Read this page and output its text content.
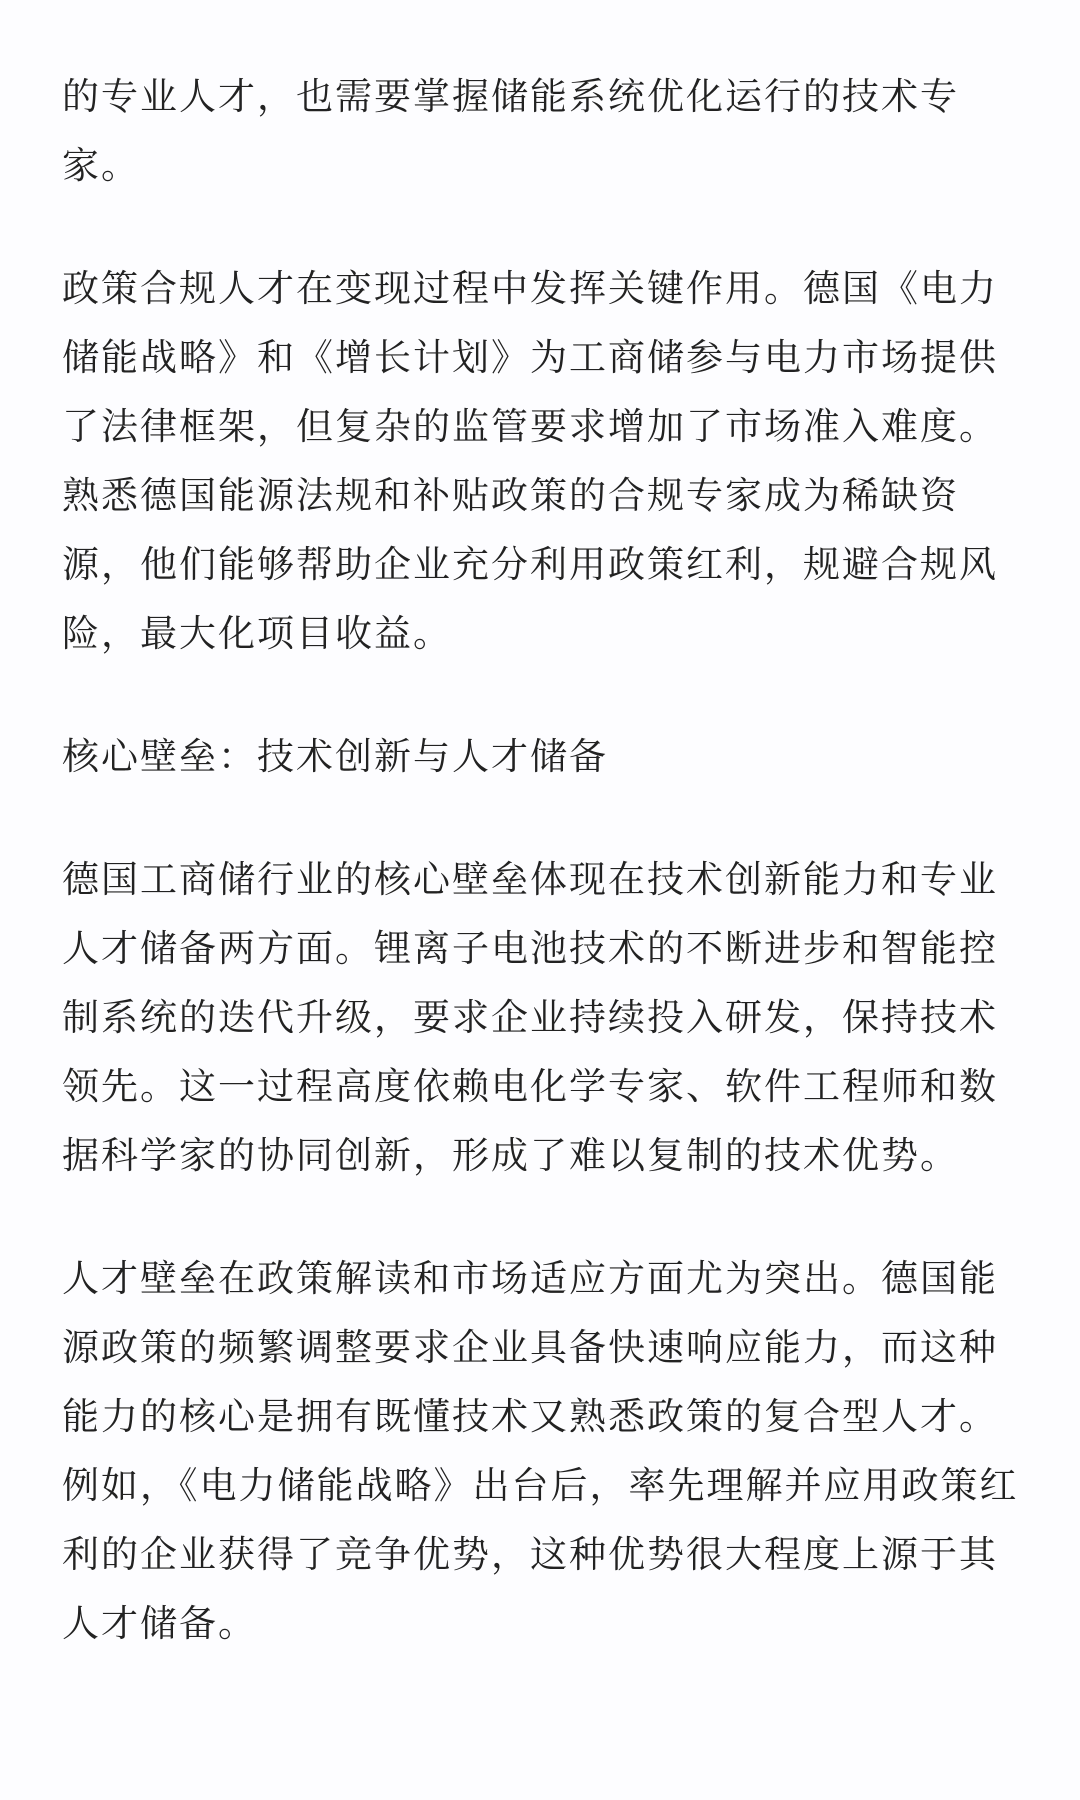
的专业人才，也需要掌握储能系统优化运行的技术专家。

政策合规人才在变现过程中发挥关键作用。德国《电力储能战略》和《增长计划》为工商储参与电力市场提供了法律框架，但复杂的监管要求增加了市场准入难度。熟悉德国能源法规和补贴政策的合规专家成为稀缺资源，他们能够帮助企业充分利用政策红利，规避合规风险，最大化项目收益。

核心壁垒：技术创新与人才储备

德国工商储行业的核心壁垒体现在技术创新能力和专业人才储备两方面。锂离子电池技术的不断进步和智能控制系统的迭代升级，要求企业持续投入研发，保持技术领先。这一过程高度依赖电化学专家、软件工程师和数据科学家的协同创新，形成了难以复制的技术优势。

人才壁垒在政策解读和市场适应方面尤为突出。德国能源政策的频繁调整要求企业具备快速响应能力，而这种能力的核心是拥有既懂技术又熟悉政策的复合型人才。例如，《电力储能战略》出台后，率先理解并应用政策红利的企业获得了竞争优势，这种优势很大程度上源于其人才储备。
